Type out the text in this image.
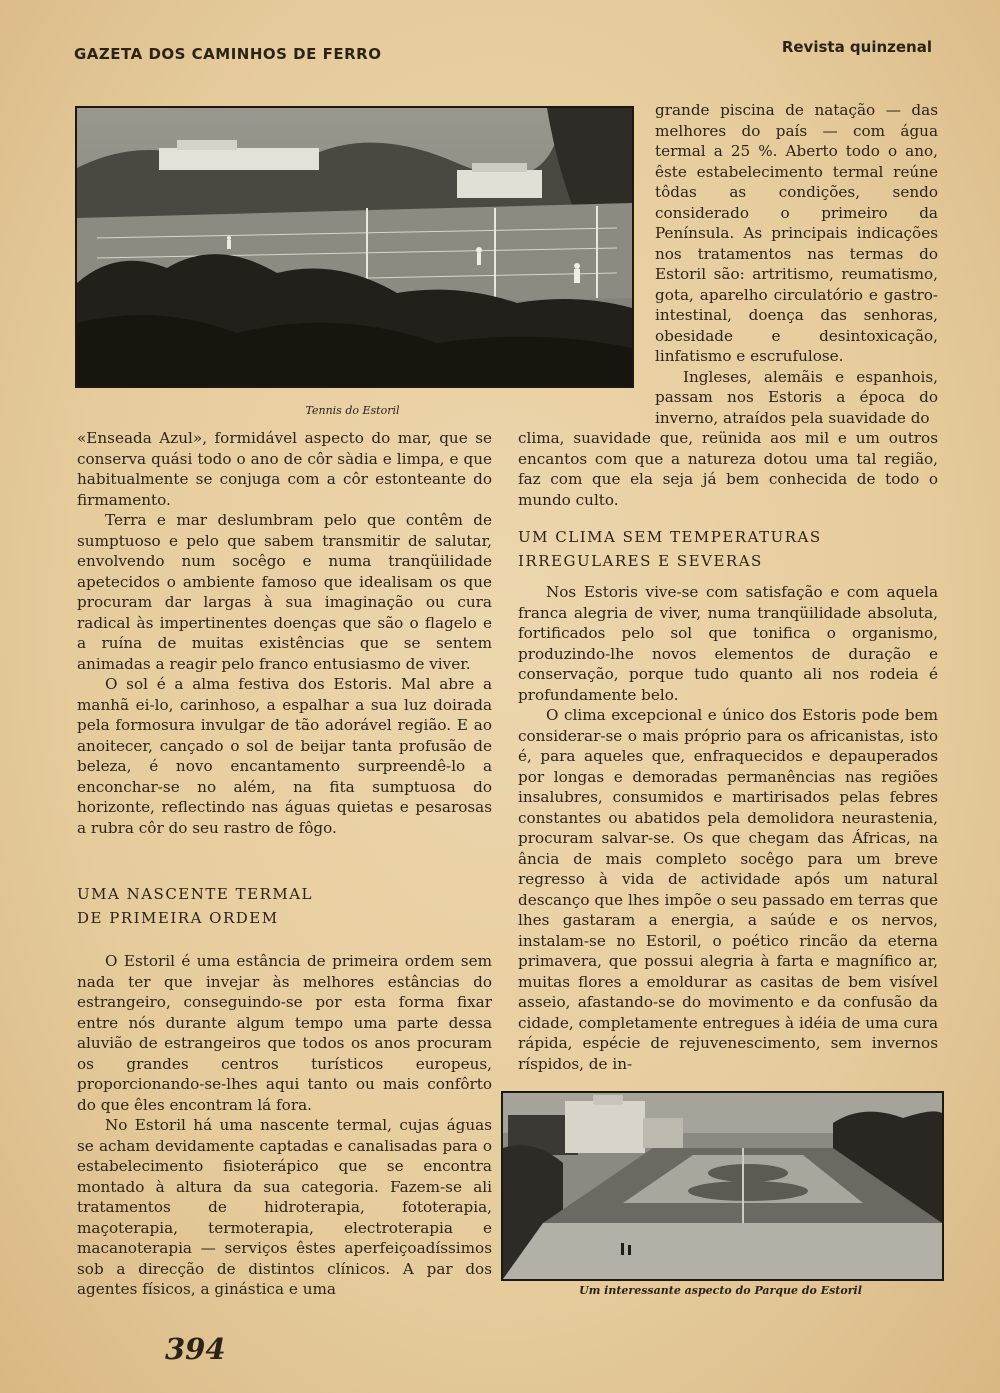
GAZETA DOS CAMINHOS DE FERRO	Revista quinzenal
Tennis do Estoril

grande piscina de natação — das melhores do país — com água termal a 25 %. Aberto todo o ano, êste estabelecimento termal reúne tôdas as condições, sendo considerado o primeiro da Península. As principais indicações nos tratamentos nas termas do Estoril são: artritismo, reumatismo, gota, aparelho circulatório e gastro-intestinal, doença das senhoras, obesidade e desintoxicação, linfatismo e escrufulose.

Ingleses, alemãis e espanhois, passam nos Estoris a época do inverno, atraídos pela suavidade do

clima, suavidade que, reünida aos mil e um outros encantos com que a natureza dotou uma tal região, faz com que ela seja já bem conhecida de todo o mundo culto.

«Enseada Azul», formidável aspecto do mar, que se conserva quási todo o ano de côr sàdia e limpa, e que habitualmente se conjuga com a côr estonteante do firmamento.

Terra e mar deslumbram pelo que contêm de sumptuoso e pelo que sabem transmitir de salutar, envolvendo num socêgo e numa tranqüilidade apetecidos o ambiente famoso que idealisam os que procuram dar largas à sua imaginação ou cura radical às impertinentes doenças que são o flagelo e a ruína de muitas existências que se sentem animadas a reagir pelo franco entusiasmo de viver.

O sol é a alma festiva dos Estoris. Mal abre a manhã ei-lo, carinhoso, a espalhar a sua luz doirada pela formosura invulgar de tão adorável região. E ao anoitecer, cançado o sol de beijar tanta profusão de beleza, é novo encantamento surpreendê-lo a enconchar-se no além, na fita sumptuosa do horizonte, reflectindo nas águas quietas e pesarosas a rubra côr do seu rastro de fôgo.

UMA NASCENTE TERMAL
DE PRIMEIRA ORDEM

O Estoril é uma estância de primeira ordem sem nada ter que invejar às melhores estâncias do estrangeiro, conseguindo-se por esta forma fixar entre nós durante algum tempo uma parte dessa aluvião de estrangeiros que todos os anos procuram os grandes centros turísticos europeus, proporcionando-se-lhes aqui tanto ou mais confôrto do que êles encontram lá fora.

No Estoril há uma nascente termal, cujas águas se acham devidamente captadas e canalisadas para o estabelecimento fisioterápico que se encontra montado à altura da sua categoria. Fazem-se ali tratamentos de hidroterapia, fototerapia, maçoterapia, termoterapia, electroterapia e macanoterapia — serviços êstes aperfeiçoadíssimos sob a direcção de distintos clínicos. A par dos agentes físicos, a ginástica e uma

UM CLIMA SEM TEMPERATURAS
IRREGULARES E SEVERAS

Nos Estoris vive-se com satisfação e com aquela franca alegria de viver, numa tranqüilidade absoluta, fortificados pelo sol que tonifica o organismo, produzindo-lhe novos elementos de duração e conservação, porque tudo quanto ali nos rodeia é profundamente belo.

O clima excepcional e único dos Estoris pode bem considerar-se o mais próprio para os africanistas, isto é, para aqueles que, enfraquecidos e depauperados por longas e demoradas permanências nas regiões insalubres, consumidos e martirisados pelas febres constantes ou abatidos pela demolidora neurastenia, procuram salvar-se. Os que chegam das Áfricas, na ância de mais completo socêgo para um breve regresso à vida de actividade após um natural descanço que lhes impõe o seu passado em terras que lhes gastaram a energia, a saúde e os nervos, instalam-se no Estoril, o poético rincão da eterna primavera, que possui alegria à farta e magnífico ar, muitas flores a emoldurar as casitas de bem visível asseio, afastando-se do movimento e da confusão da cidade, completamente entregues à idéia de uma cura rápida, espécie de rejuvenescimento, sem invernos ríspidos, de in-

Um interessante aspecto do Parque do Estoril
394
